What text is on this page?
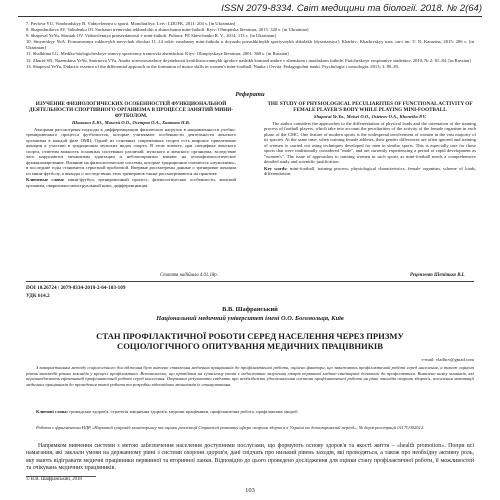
ISSN 2079-8334. Світ медицини та біології. 2018. № 2(64)
7. Pavlova YU, Vinohradskyy B. Vidnovlennya u sporti. Monohrafiya. Lviv: LDUFK, 2011: 204 s. [in Ukrainian]
8. Shaposhnikova AV, Vakulenko OI. Suchasni trenuvalni tekhnolohii u zhinochomu mini-futboli. Kyiv: Olimpiiska literatura, 2015: 320 s. [in Ukrainian]
9. Shapoval YeYu, Shostak OV. Vidnovlennya pratsezdatnosti v mini-futboli. Poltava: PE Shevchenko R. V., 2014: 113 s. [in Ukrainian]
10. Sinyavskyy YuA. Formuvannya rukhovykh navychok divchat 11–14 rokiv zasobamy mini-futbolu u doyazdu pozashkilnykh sportyvnykh shkolakh [dysertatsiya]. Kharkiv: Kharkivskyy nats. un-t im. V. N. Karazina, 2015: 206 s. [in Ukrainian]
11. Shalkhina LG. Mediko-biologicheskoye osnovy sportivnoy trenirovki zhenshchin. Kiyv: Olimpiyskaya literatura, 2001: 360 s. [in Russian]
12. Zhurid SN, Nazemkina YeYu, Smirnova VYa. Analiz sorevnovatelnoy deyatelnosti kvalifitsirovannykh igrokov nashikh komand ambre v zhenskom i muzhskom futbole. Fizicheskoye vospitaniye studentov. 2010; № 2: 81–84. [in Russian]
13. Shapoval YeYu, Didactic essence of the differential approach in the formation of motor skills in women's mini-football. Nauka i Osvita. Pedagogichni nauki. Psychologia i sotsiologia. 2013; 3: 80–85.
Реферати
ИЗУЧЕНИЕ ФИЗИОЛОГИЧЕСКИХ ОСОБЕННОСТЕЙ ФУНКЦИОНАЛЬНОЙ ДЕЯТЕЛЬНОСТИ СПОРТИВНОГО ОРГАНИЗМА В ПРОЦЕССЕ ЗАНЯТИЙ МИНИ-ФУТБОЛОМ.
Шаповал Е.Ю., Моисей О.О., Осетров О.А., Ханюков П.В.
Авторами рассмотрены подходы к дифференциации физических нагрузок в направленности учебно-тренировочного процесса футболисток, которые учитывают особенности деятельности женского организма в каждой фазе ОМЦ. Одной из основных современных спорта есть широкое привлечение женщин к участию в традиционно мужских видах спорта. В этом аспекте, при специфике женского спорта, отметим важность основных системных различий, мужского и женского организма, вследствие чего нарушаются механизмы адаптации и неблагоприятно влияют на психофизиологическое функционирование. Влияние на физиологические системы, которые традиционно считаются «мужскими», в последние годы становится серьезной проблемой. Впервые рассмотрены данные о тренировке женщин по мини-футболу, а выводы о последствиях этих тренировок также рассматриваются на практике.
Ключевые слова: мини-футбол, тренировочный процесс, физиологические особенности, женский организм, овариально-менструальный цикл, дифференциация.
THE STUDY OF PHYSIOLOGICAL PECULIARITIES OF FUNCTIONAL ACTIVITY OF FEMALE PLAYER'S BODY WHILE PLAYING MINI-FOOTBALL
Shapoval Ye.Yu., Moisei O.O., Osietrov O.A., Khoneiko P.V.
The author considers the approaches to the differentiation of physical loads and the orientation of the training process of football players, which take into account the peculiarities of the activity of the female organism in each phase of the CMC. One feature of modern sports is the widespread involvement of women in the vast majority of its species. At the same time, when training female athletes, their gender differences are often ignored and training of women is carried out using techniques developed for men in similar sports. This is especially true for those sports that were traditionally considered "male", and are currently experiencing a period of rapid development as "women's". The issue of approaches to training women in such sports as mini-football needs a comprehensive detailed study and scientific justification.
Key words: mini-football, training process, physiological characteristics, female organism, scheme of loads, differentiation.
Стаття надійшла 4.01.18р.	Рецензент Шепітько В.І.
DOI 10.26724 / 2079-8334-2018-2-64-103-109
УДК 614.2
В.В. Шафранський
Національний медичний університет імені О.О. Богомольця, Київ
СТАН ПРОФІЛАКТИЧНОЇ РОБОТИ СЕРЕД НАСЕЛЕННЯ ЧЕРЕЗ ПРИЗМУ СОЦІОЛОГІЧНОГО ОПИТУВАННЯ МЕДИЧНИХ ПРАЦІВНИКІВ
e-mail: vladhcv@gmail.com
З використанням методу соціологічного дослідження було вивчено ставлення медичних працівників до профілактичної роботи, оцінено фактори, що заважають профілактичній роботі серед населення, а також оцінено рівень взаємодії різних закладів у процесі профілактики. Встановлено, що провідним на сучасному етапі є недостатнє залучення лікарів первинної медико-санітарної допомоги до профілактики. Виявлено низку чинників, які перешкоджають ефективній профілактичній роботі серед населення. Отримані результати свідчать про необхідність удосконалення системи профілактичної роботи на рівні закладів охорони здоров'я, посилення мотивації медичних працівників до проведення такої роботи та розробки відповідних механізмів їх стимулювання.
Ключові слова: громадське здоров'я, стратегія зміцнення здоров'я, медичні працівники, профілактична робота, профілактика хвороб.
Робота є фрагментом НДР «Науковий супровід моніторингу та оцінки реалізації Стратегії розвитку сфери охорони здоров'я в Україні на довготривалий період», № держреєстрації 0117U002612.
Напрямком вивчення системи з метою забезпечення населення доступними послугами, що формують основу здоров'я та якості життя – «health promotion». Попри всі намагання, які заклали умови на державному рівні з системи охорони здоров'я, дані свідчать про низький рівень заходів, які проводяться, а також про необхідну активну роль, яку мають відігравати медичні працівники первинної та вторинної ланки. Відповідно до цього проведено дослідження для оцінки стану профілактичної роботи, її можливостей та очікувань медичних працівників.
© В.В. Шафранський, 2018
103
